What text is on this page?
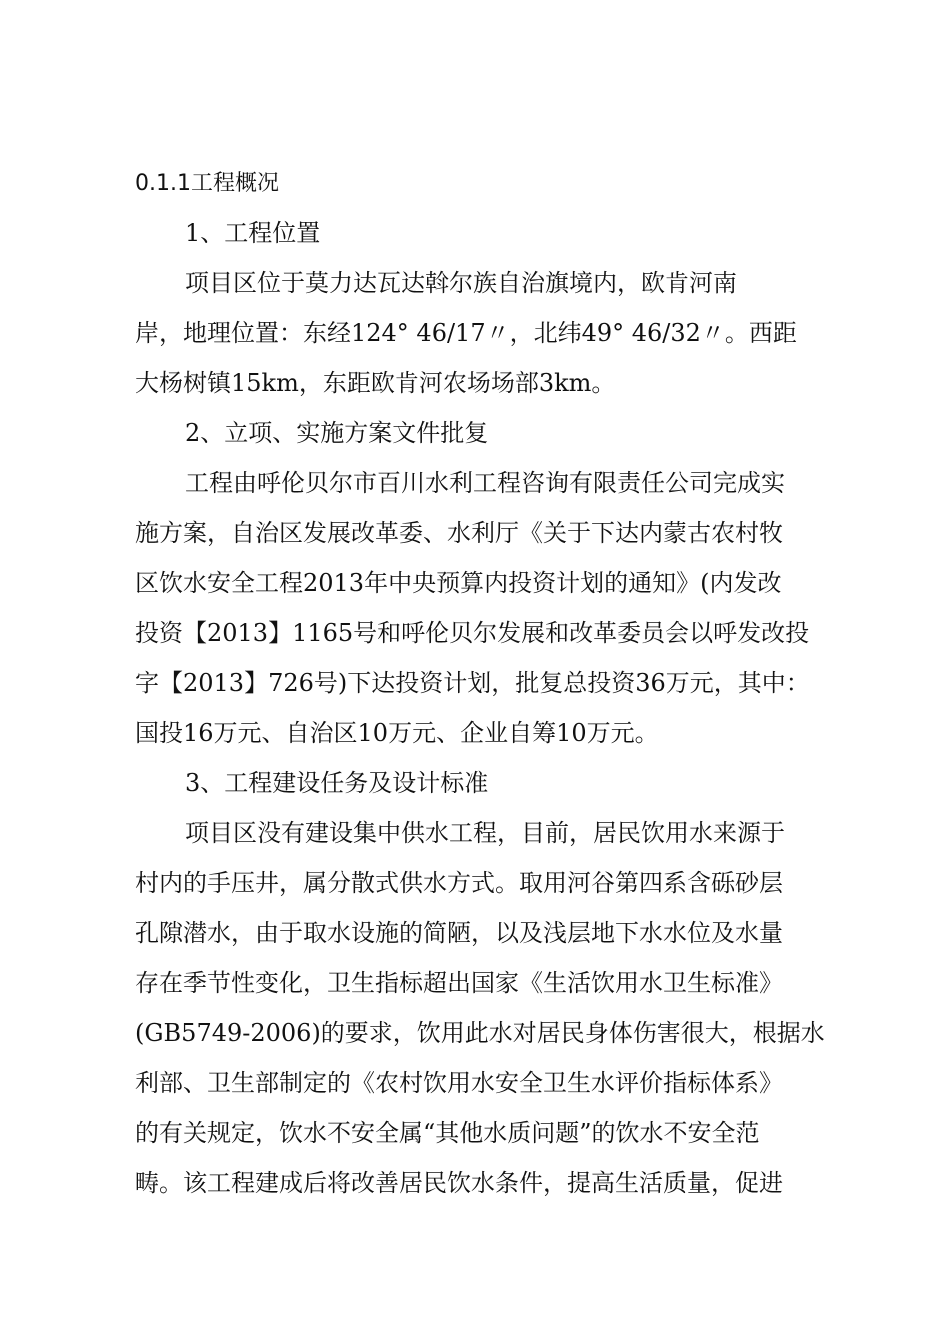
0.1.1工程概况
1、工程位置
项目区位于莫力达瓦达斡尔族自治旗境内，欧肯河南
岸，地理位置：东经124° 46/17〃，北纬49° 46/32〃。西距
大杨树镇15km，东距欧肯河农场场部3km。
2、立项、实施方案文件批复
工程由呼伦贝尔市百川水利工程咨询有限责任公司完成实
施方案，自治区发展改革委、水利厅《关于下达内蒙古农村牧
区饮水安全工程2013年中央预算内投资计划的通知》(内发改
投资【2013】1165号和呼伦贝尔发展和改革委员会以呼发改投
字【2013】726号)下达投资计划，批复总投资36万元，其中：
国投16万元、自治区10万元、企业自筹10万元。
3、工程建设任务及设计标准
项目区没有建设集中供水工程，目前，居民饮用水来源于
村内的手压井，属分散式供水方式。取用河谷第四系含砾砂层
孔隙潜水，由于取水设施的简陋，以及浅层地下水水位及水量
存在季节性变化，卫生指标超出国家《生活饮用水卫生标准》
(GB5749-2006)的要求，饮用此水对居民身体伤害很大，根据水
利部、卫生部制定的《农村饮用水安全卫生水评价指标体系》
的有关规定，饮水不安全属“其他水质问题”的饮水不安全范
畴。该工程建成后将改善居民饮水条件，提高生活质量，促进
